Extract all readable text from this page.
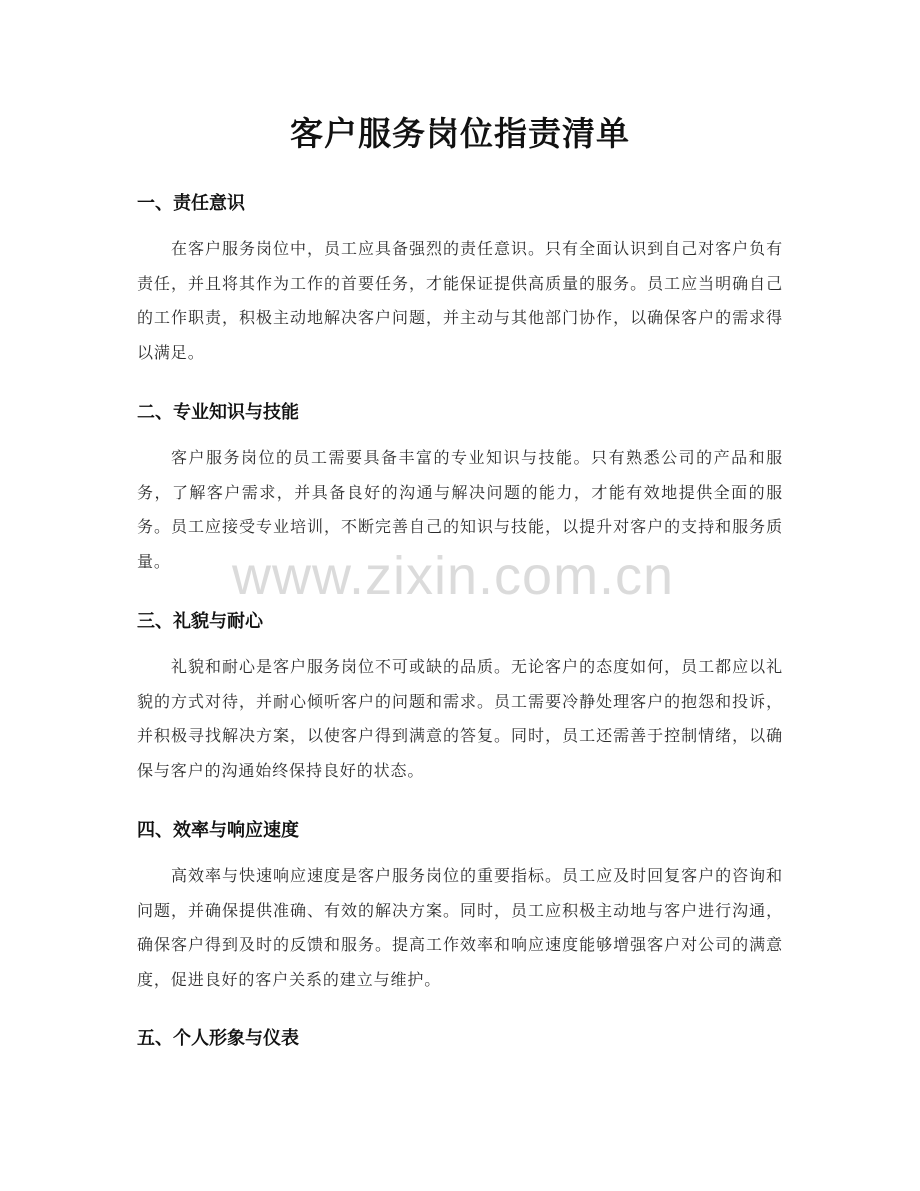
客户服务岗位指责清单
一、责任意识

在客户服务岗位中，员工应具备强烈的责任意识。只有全面认识到自己对客户负有责任，并且将其作为工作的首要任务，才能保证提供高质量的服务。员工应当明确自己的工作职责，积极主动地解决客户问题，并主动与其他部门协作，以确保客户的需求得以满足。

二、专业知识与技能

客户服务岗位的员工需要具备丰富的专业知识与技能。只有熟悉公司的产品和服务，了解客户需求，并具备良好的沟通与解决问题的能力，才能有效地提供全面的服务。员工应接受专业培训，不断完善自己的知识与技能，以提升对客户的支持和服务质量。

三、礼貌与耐心

礼貌和耐心是客户服务岗位不可或缺的品质。无论客户的态度如何，员工都应以礼貌的方式对待，并耐心倾听客户的问题和需求。员工需要冷静处理客户的抱怨和投诉，并积极寻找解决方案，以使客户得到满意的答复。同时，员工还需善于控制情绪，以确保与客户的沟通始终保持良好的状态。

四、效率与响应速度

高效率与快速响应速度是客户服务岗位的重要指标。员工应及时回复客户的咨询和问题，并确保提供准确、有效的解决方案。同时，员工应积极主动地与客户进行沟通，确保客户得到及时的反馈和服务。提高工作效率和响应速度能够增强客户对公司的满意度，促进良好的客户关系的建立与维护。

五、个人形象与仪表
www.zixin.com.cn
